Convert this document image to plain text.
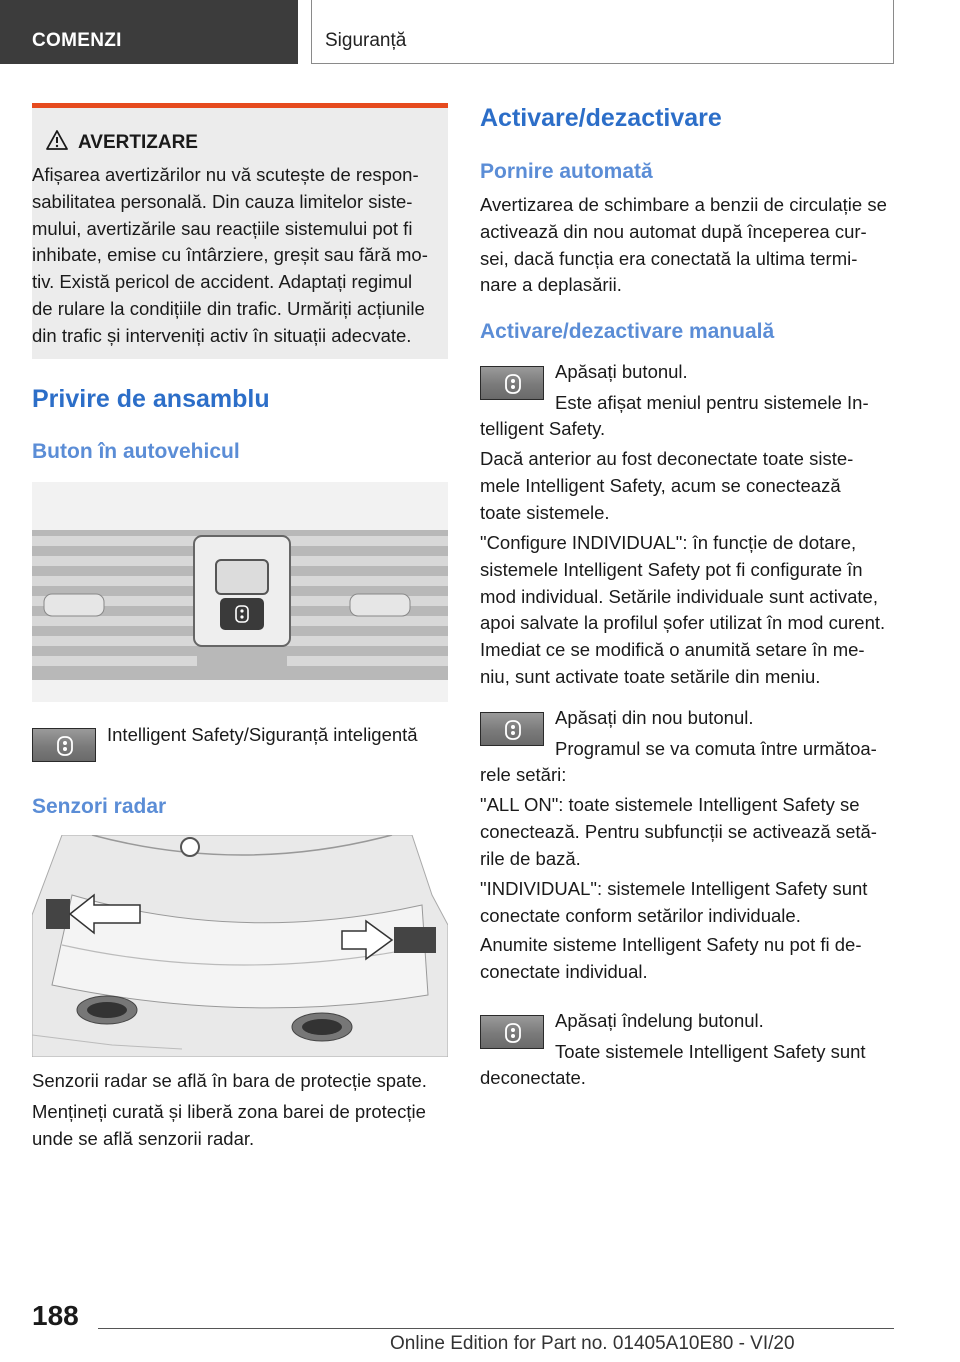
COMENZI	Siguranță
AVERTIZARE
Afișarea avertizărilor nu vă scutește de respon-
sabilitatea personală. Din cauza limitelor siste-
mului, avertizările sau reacțiile sistemului pot fi
inhibate, emise cu întârziere, greșit sau fără mo-
tiv. Există pericol de accident. Adaptați regimul
de rulare la condițiile din trafic. Urmăriți acțiunile
din trafic și interveniți activ în situații adecvate.
Privire de ansamblu
Buton în autovehicul
Intelligent Safety/Siguranță inteligentă
Senzori radar
Senzorii radar se află în bara de protecție spate.
Mențineți curată și liberă zona barei de protecție
unde se află senzorii radar.
Activare/dezactivare
Pornire automată
Avertizarea de schimbare a benzii de circulație se
activează din nou automat după începerea cur-
sei, dacă funcția era conectată la ultima termi-
nare a deplasării.
Activare/dezactivare manuală
Apăsați butonul.
Este afișat meniul pentru sistemele In-
telligent Safety.
Dacă anterior au fost deconectate toate siste-
mele Intelligent Safety, acum se conectează
toate sistemele.
"Configure INDIVIDUAL": în funcție de dotare,
sistemele Intelligent Safety pot fi configurate în
mod individual. Setările individuale sunt activate,
apoi salvate la profilul șofer utilizat în mod curent.
Imediat ce se modifică o anumită setare în me-
niu, sunt activate toate setările din meniu.
Apăsați din nou butonul.
Programul se va comuta între următoa-
rele setări:
"ALL ON": toate sistemele Intelligent Safety se
conectează. Pentru subfuncții se activează setă-
rile de bază.
"INDIVIDUAL": sistemele Intelligent Safety sunt
conectate conform setărilor individuale.
Anumite sisteme Intelligent Safety nu pot fi de-
conectate individual.
Apăsați îndelung butonul.
Toate sistemele Intelligent Safety sunt
deconectate.
188
Online Edition for Part no. 01405A10E80 - VI/20
